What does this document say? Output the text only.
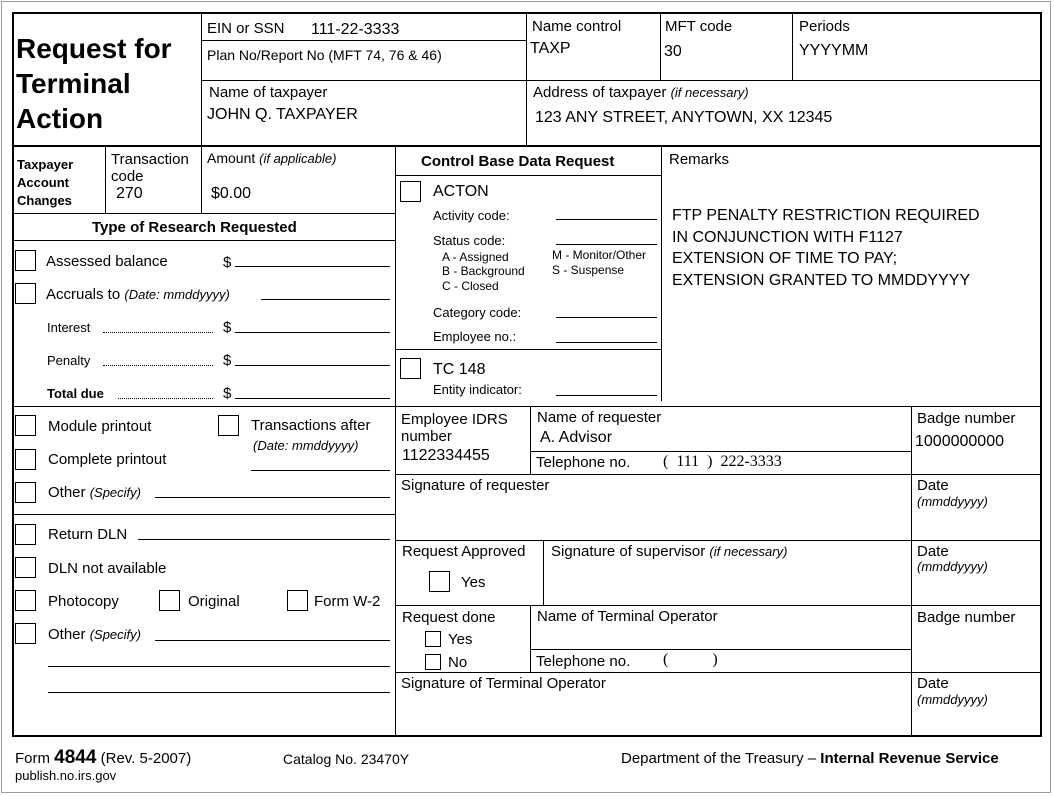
Request for
Terminal
Action
EIN or SSN 111-22-3333
Plan No/Report No (MFT 74, 76 & 46)
Name control
TAXP
MFT code
30
Periods
YYYYMM
Name of taxpayer
JOHN Q. TAXPAYER
Address of taxpayer (if necessary)
123 ANY STREET, ANYTOWN, XX 12345
Taxpayer
Account
Changes
Transaction
code
270
Amount (if applicable)
$0.00
Type of Research Requested
Assessed balance	$
Accruals to (Date: mmddyyyy)
Interest	$
Penalty	$
Total due	$
Module printout	Transactions after
(Date: mmddyyyy)
Complete printout
Other (Specify)
Return DLN
DLN not available
Photocopy	Original	Form W-2
Other (Specify)
Control Base Data Request
ACTON
Activity code:
Status code:
A - Assigned
B - Background
C - Closed
M - Monitor/Other
S - Suspense
Category code:
Employee no.:
TC 148
Entity indicator:
Remarks
FTP PENALTY RESTRICTION REQUIRED
IN CONJUNCTION WITH F1127
EXTENSION OF TIME TO PAY;
EXTENSION GRANTED TO MMDDYYYY
Employee IDRS
number
1122334455
Name of requester
A. Advisor
Telephone no. (  111  )  222-3333
Badge number
1000000000
Signature of requester	Date
(mmddyyyy)
Request Approved
Yes
Signature of supervisor (if necessary)	Date
(mmddyyyy)
Request done
Yes
No
Name of Terminal Operator
Telephone no. (           )
Badge number
Signature of Terminal Operator	Date
(mmddyyyy)
Form 4844 (Rev. 5-2007)
publish.no.irs.gov
Catalog No. 23470Y	Department of the Treasury – Internal Revenue Service
